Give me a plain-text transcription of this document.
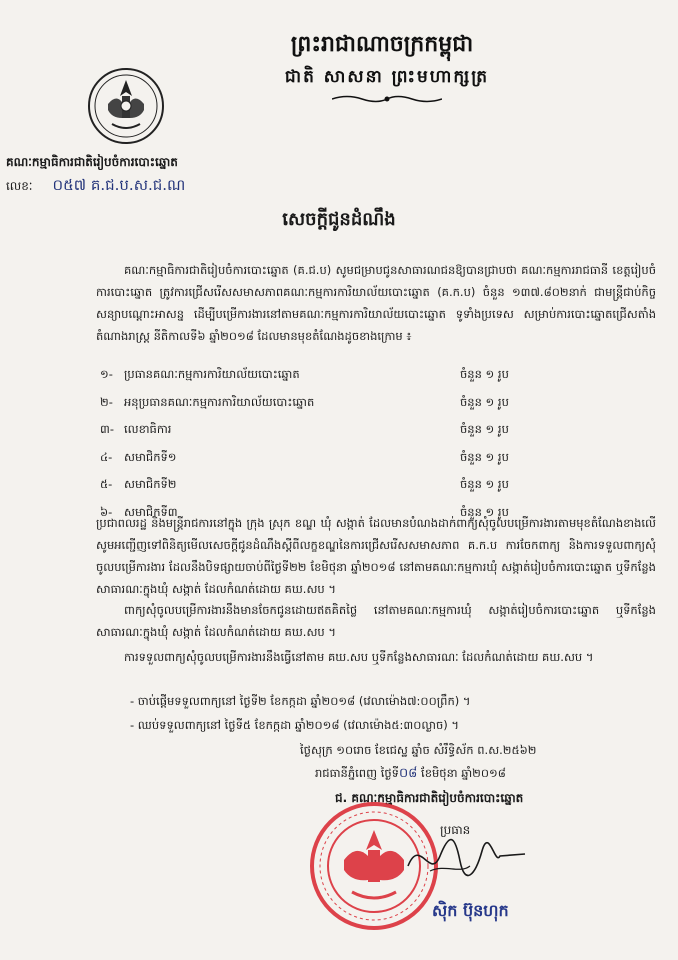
ព្រះរាជាណាចក្រកម្ពុជា
ជាតិ សាសនា ព្រះមហាក្សត្រ
គណៈកម្មាធិការជាតិរៀបចំការបោះឆ្នោត
លេខៈ ០៥៧ គ.ជ.ប.ស.ជ.ណ
សេចក្តីជូនដំណឹង
គណៈកម្មាធិការជាតិរៀបចំការបោះឆ្នោត (គ.ជ.ប) សូមជម្រាបជូនសាធារណជនឱ្យបានជ្រាបថា គណៈកម្មការរាជធានី ខេត្តរៀបចំការបោះឆ្នោត ត្រូវការជ្រើសរើសសមាសភាពគណៈកម្មការការិយាល័យបោះឆ្នោត (គ.ក.ប) ចំនួន ១៣៧.៨០២នាក់ ជាមន្ត្រីជាប់កិច្ចសន្យាបណ្តោះអាសន្ន ដើម្បីបម្រើការងារនៅតាមគណៈកម្មការការិយាល័យបោះឆ្នោត ទូទាំងប្រទេស សម្រាប់ការបោះឆ្នោតជ្រើសតាំងតំណាងរាស្ត្រ នីតិកាលទី៦ ឆ្នាំ២០១៨ ដែលមានមុខតំណែងដូចខាងក្រោម ៖
១- ប្រធានគណៈកម្មការការិយាល័យបោះឆ្នោត	ចំនួន ១ រូប
២- អនុប្រធានគណៈកម្មការការិយាល័យបោះឆ្នោត	ចំនួន ១ រូប
៣- លេខាធិការ	ចំនួន ១ រូប
៤-	សមាជិកទី១	ចំនួន ១ រូប
៥-	សមាជិកទី២	ចំនួន ១ រូប
៦-	សមាជិកទី៣	ចំនួន ១ រូប
ប្រជាពលរដ្ឋ និងមន្ត្រីរាជការនៅក្នុង ក្រុង ស្រុក ខណ្ឌ ឃុំ សង្កាត់ ដែលមានបំណងដាក់ពាក្យសុំចូលបម្រើការងារតាមមុខតំណែងខាងលើ សូមអញ្ជើញទៅពិនិត្យមើលសេចក្តីជូនដំណឹងស្តីពីលក្ខខណ្ឌនៃការជ្រើសរើសសមាសភាព គ.ក.ប ការចែកពាក្យ និងការទទួលពាក្យសុំចូលបម្រើការងារ ដែលនឹងបិទផ្សាយចាប់ពីថ្ងៃទី២២ ខែមិថុនា ឆ្នាំ២០១៨ នៅតាមគណៈកម្មការឃុំ សង្កាត់រៀបចំការបោះឆ្នោត ឬទីកន្លែងសាធារណៈក្នុងឃុំ សង្កាត់ ដែលកំណត់ដោយ គឃ.សប ។
ពាក្យសុំចូលបម្រើការងារនឹងមានចែកជូនដោយឥតគិតថ្លៃ នៅតាមគណៈកម្មការឃុំ សង្កាត់រៀបចំការបោះឆ្នោត ឬទីកន្លែងសាធារណៈក្នុងឃុំ សង្កាត់ ដែលកំណត់ដោយ គឃ.សប ។
ការទទួលពាក្យសុំចូលបម្រើការងារនឹងធ្វើនៅតាម គឃ.សប ឬទីកន្លែងសាធារណៈ ដែលកំណត់ដោយ គឃ.សប ។
- ចាប់ផ្តើមទទួលពាក្យនៅ ថ្ងៃទី២ ខែកក្កដា ឆ្នាំ២០១៨ (វេលាម៉ោង៧:០០ព្រឹក) ។
- ឈប់ទទួលពាក្យនៅ ថ្ងៃទី៥ ខែកក្កដា ឆ្នាំ២០១៨ (វេលាម៉ោង៥:៣០ល្ងាច) ។
ថ្ងៃសុក្រ ១០រោច ខែជេស្ឋ ឆ្នាំច សំរឹទ្ធិស័ក ព.ស.២៥៦២
រាជធានីភ្នំពេញ ថ្ងៃទី០៨ ខែមិថុនា ឆ្នាំ២០១៨
ជ. គណៈកម្មាធិការជាតិរៀបចំការបោះឆ្នោត
ប្រធាន
ស៊ិក ប៊ុនហុក
